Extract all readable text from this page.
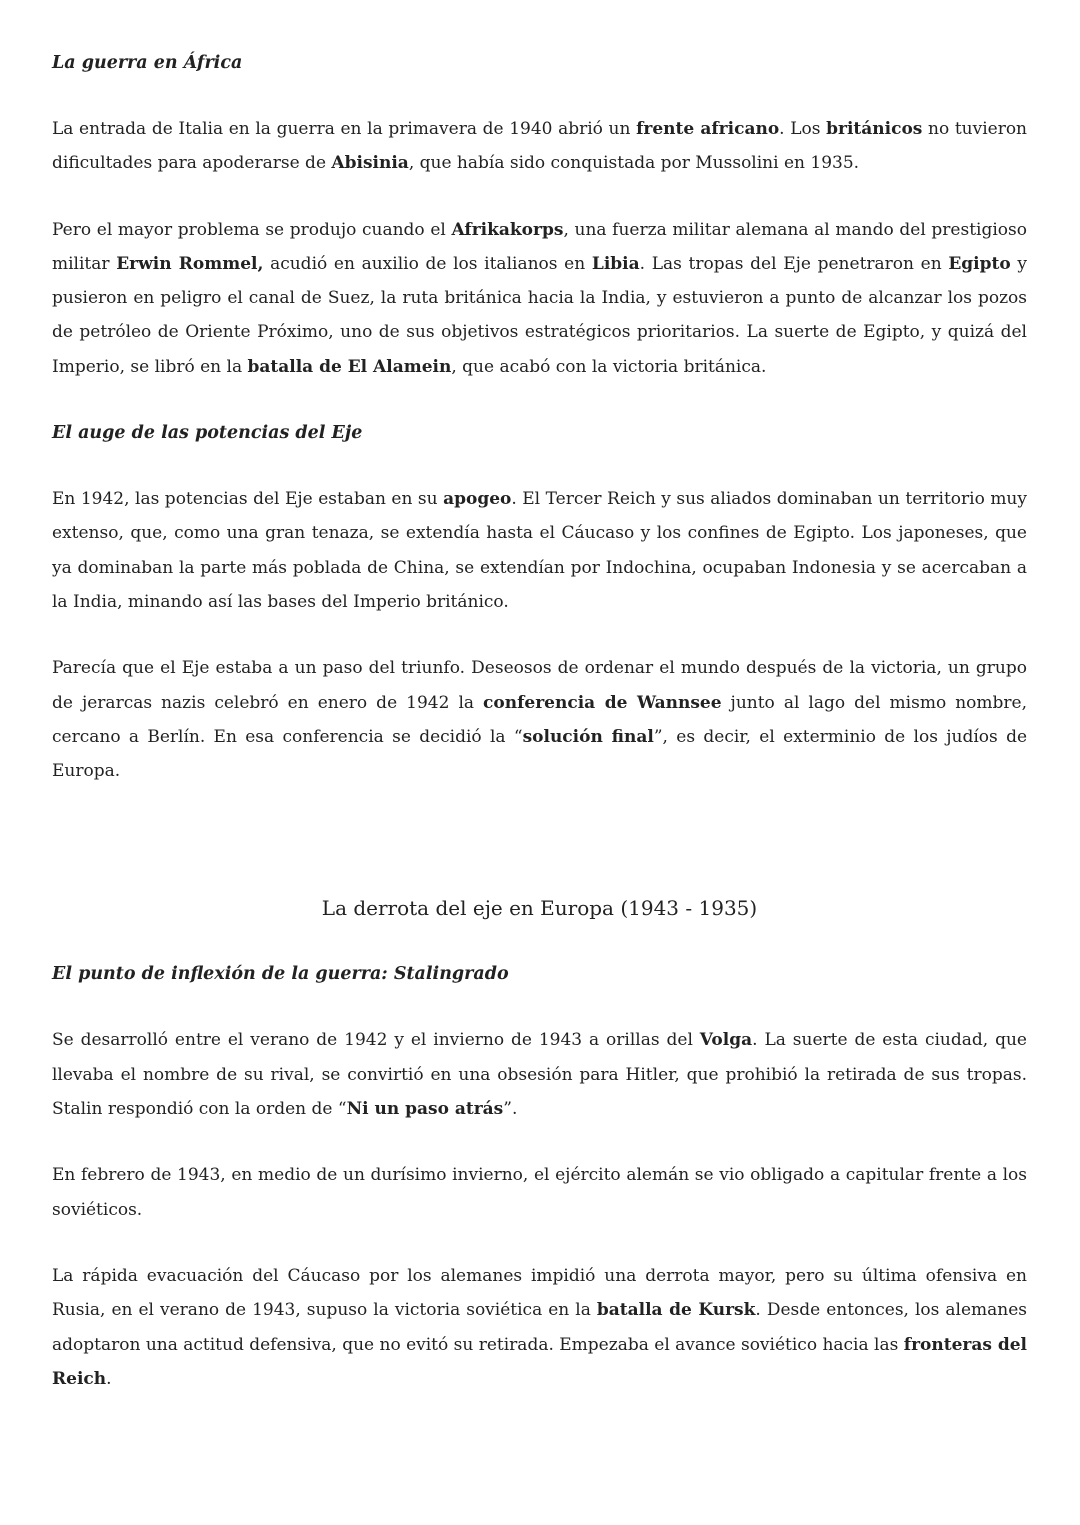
La guerra en África

La entrada de Italia en la guerra en la primavera de 1940 abrió un frente africano. Los británicos no tuvieron dificultades para apoderarse de Abisinia, que había sido conquistada por Mussolini en 1935.

Pero el mayor problema se produjo cuando el Afrikakorps, una fuerza militar alemana al mando del prestigioso militar Erwin Rommel, acudió en auxilio de los italianos en Libia. Las tropas del Eje penetraron en Egipto y pusieron en peligro el canal de Suez, la ruta británica hacia la India, y estuvieron a punto de alcanzar los pozos de petróleo de Oriente Próximo, uno de sus objetivos estratégicos prioritarios. La suerte de Egipto, y quizá del Imperio, se libró en la batalla de El Alamein, que acabó con la victoria británica.

El auge de las potencias del Eje

En 1942, las potencias del Eje estaban en su apogeo. El Tercer Reich y sus aliados dominaban un territorio muy extenso, que, como una gran tenaza, se extendía hasta el Cáucaso y los confines de Egipto. Los japoneses, que ya dominaban la parte más poblada de China, se extendían por Indochina, ocupaban Indonesia y se acercaban a la India, minando así las bases del Imperio británico.

Parecía que el Eje estaba a un paso del triunfo. Deseosos de ordenar el mundo después de la victoria, un grupo de jerarcas nazis celebró en enero de 1942 la conferencia de Wannsee junto al lago del mismo nombre, cercano a Berlín. En esa conferencia se decidió la “solución final”, es decir, el exterminio de los judíos de Europa.

La derrota del eje en Europa (1943 - 1935)
El punto de inflexión de la guerra: Stalingrado

Se desarrolló entre el verano de 1942 y el invierno de 1943 a orillas del Volga. La suerte de esta ciudad, que llevaba el nombre de su rival, se convirtió en una obsesión para Hitler, que prohibió la retirada de sus tropas. Stalin respondió con la orden de “Ni un paso atrás”.

En febrero de 1943, en medio de un durísimo invierno, el ejército alemán se vio obligado a capitular frente a los soviéticos.

La rápida evacuación del Cáucaso por los alemanes impidió una derrota mayor, pero su última ofensiva en Rusia, en el verano de 1943, supuso la victoria soviética en la batalla de Kursk. Desde entonces, los alemanes adoptaron una actitud defensiva, que no evitó su retirada. Empezaba el avance soviético hacia las fronteras del Reich.
